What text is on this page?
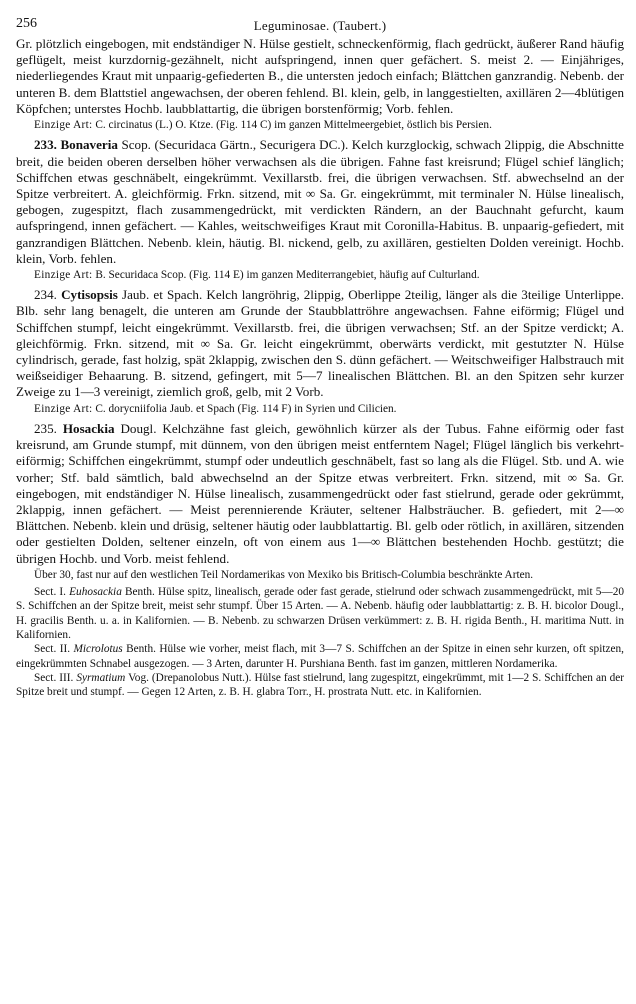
256	Leguminosae. (Taubert.)

Gr. plötzlich eingebogen, mit endständiger N. Hülse gestielt, schneckenförmig, flach gedrückt, äußerer Rand häufig geflügelt, meist kurzdornig-gezähnelt, nicht aufspringend, innen quer gefächert. S. meist 2. — Einjähriges, niederliegendes Kraut mit unpaarig-gefiederten B., die untersten jedoch einfach; Blättchen ganzrandig. Nebenb. der unteren B. dem Blattstiel angewachsen, der oberen fehlend. Bl. klein, gelb, in langgestielten, axillären 2—4blütigen Köpfchen; unterstes Hochb. laubblattartig, die übrigen borstenförmig; Vorb. fehlen.

Einzige Art: C. circinatus (L.) O. Ktze. (Fig. 114 C) im ganzen Mittelmeergebiet, östlich bis Persien.

233. Bonaveria Scop. (Securidaca Gärtn., Securigera DC.). Kelch kurzglockig, schwach 2lippig, die Abschnitte breit, die beiden oberen derselben höher verwachsen als die übrigen. Fahne fast kreisrund; Flügel schief länglich; Schiffchen etwas geschnäbelt, eingekrümmt. Vexillarstb. frei, die übrigen verwachsen. Stf. abwechselnd an der Spitze verbreitert. A. gleichförmig. Frkn. sitzend, mit ∞ Sa. Gr. eingekrümmt, mit terminaler N. Hülse linealisch, gebogen, zugespitzt, flach zusammengedrückt, mit verdickten Rändern, an der Bauchnaht gefurcht, kaum aufspringend, innen gefächert. — Kahles, weitschweifiges Kraut mit Coronilla-Habitus. B. unpaarig-gefiedert, mit ganzrandigen Blättchen. Nebenb. klein, häutig. Bl. nickend, gelb, zu axillären, gestielten Dolden vereinigt. Hochb. klein, Vorb. fehlen.

Einzige Art: B. Securidaca Scop. (Fig. 114 E) im ganzen Mediterrangebiet, häufig auf Culturland.

234. Cytisopsis Jaub. et Spach. Kelch langröhrig, 2lippig, Oberlippe 2teilig, länger als die 3teilige Unterlippe. Blb. sehr lang benagelt, die unteren am Grunde der Staubblattröhre angewachsen. Fahne eiförmig; Flügel und Schiffchen stumpf, leicht eingekrümmt. Vexillarstb. frei, die übrigen verwachsen; Stf. an der Spitze verdickt; A. gleichförmig. Frkn. sitzend, mit ∞ Sa. Gr. leicht eingekrümmt, oberwärts verdickt, mit gestutzter N. Hülse cylindrisch, gerade, fast holzig, spät 2klappig, zwischen den S. dünn gefächert. — Weitschweifiger Halbstrauch mit weißseidiger Behaarung. B. sitzend, gefingert, mit 5—7 linealischen Blättchen. Bl. an den Spitzen sehr kurzer Zweige zu 1—3 vereinigt, ziemlich groß, gelb, mit 2 Vorb.

Einzige Art: C. dorycniifolia Jaub. et Spach (Fig. 114 F) in Syrien und Cilicien.

235. Hosackia Dougl. Kelchzähne fast gleich, gewöhnlich kürzer als der Tubus. Fahne eiförmig oder fast kreisrund, am Grunde stumpf, mit dünnem, von den übrigen meist entferntem Nagel; Flügel länglich bis verkehrt-eiförmig; Schiffchen eingekrümmt, stumpf oder undeutlich geschnäbelt, fast so lang als die Flügel. Stb. und A. wie vorher; Stf. bald sämtlich, bald abwechselnd an der Spitze etwas verbreitert. Frkn. sitzend, mit ∞ Sa. Gr. eingebogen, mit endständiger N. Hülse linealisch, zusammengedrückt oder fast stielrund, gerade oder gekrümmt, 2klappig, innen gefächert. — Meist perennierende Kräuter, seltener Halbsträucher. B. gefiedert, mit 2—∞ Blättchen. Nebenb. klein und drüsig, seltener häutig oder laubblattartig. Bl. gelb oder rötlich, in axillären, sitzenden oder gestielten Dolden, seltener einzeln, oft von einem aus 1—∞ Blättchen bestehenden Hochb. gestützt; die übrigen Hochb. und Vorb. meist fehlend.

Über 30, fast nur auf den westlichen Teil Nordamerikas von Mexiko bis Britisch-Columbia beschränkte Arten.

Sect. I. Euhosackia Benth. Hülse spitz, linealisch, gerade oder fast gerade, stielrund oder schwach zusammengedrückt, mit 5—20 S. Schiffchen an der Spitze breit, meist sehr stumpf. Über 15 Arten. — A. Nebenb. häufig oder laubblattartig: z. B. H. bicolor Dougl., H. gracilis Benth. u. a. in Kalifornien. — B. Nebenb. zu schwarzen Drüsen verkümmert: z. B. H. rigida Benth., H. maritima Nutt. in Kalifornien.

Sect. II. Microlotus Benth. Hülse wie vorher, meist flach, mit 3—7 S. Schiffchen an der Spitze in einen sehr kurzen, oft spitzen, eingekrümmten Schnabel ausgezogen. — 3 Arten, darunter H. Purshiana Benth. fast im ganzen, mittleren Nordamerika.

Sect. III. Syrmatium Vog. (Drepanolobus Nutt.). Hülse fast stielrund, lang zugespitzt, eingekrümmt, mit 1—2 S. Schiffchen an der Spitze breit und stumpf. — Gegen 12 Arten, z. B. H. glabra Torr., H. prostrata Nutt. etc. in Kalifornien.
